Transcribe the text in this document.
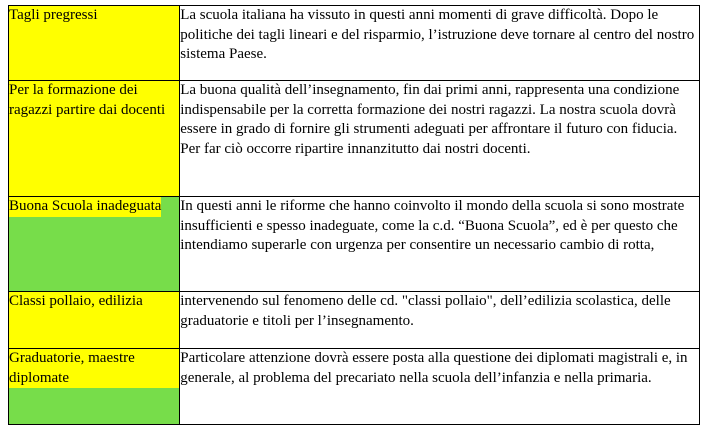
Tagli pregressi	La scuola italiana ha vissuto in questi anni momenti di grave difficoltà. Dopo le politiche dei tagli lineari e del risparmio, l’istruzione deve tornare al centro del nostro sistema Paese.

Per la formazione dei ragazzi partire dai docenti	La buona qualità dell’insegnamento, fin dai primi anni, rappresenta una condizione indispensabile per la corretta formazione dei nostri ragazzi. La nostra scuola dovrà essere in grado di fornire gli strumenti adeguati per affrontare il futuro con fiducia. Per far ciò occorre ripartire innanzitutto dai nostri docenti.

Buona Scuola inadeguata	In questi anni le riforme che hanno coinvolto il mondo della scuola si sono mostrate insufficienti e spesso inadeguate, come la c.d. “Buona Scuola”, ed è per questo che intendiamo superarle con urgenza per consentire un necessario cambio di rotta,

Classi pollaio, edilizia	intervenendo sul fenomeno delle cd. "classi pollaio", dell’edilizia scolastica, delle graduatorie e titoli per l’insegnamento.

Graduatorie, maestre diplomate	Particolare attenzione dovrà essere posta alla questione dei diplomati magistrali e, in generale, al problema del precariato nella scuola dell’infanzia e nella primaria.
